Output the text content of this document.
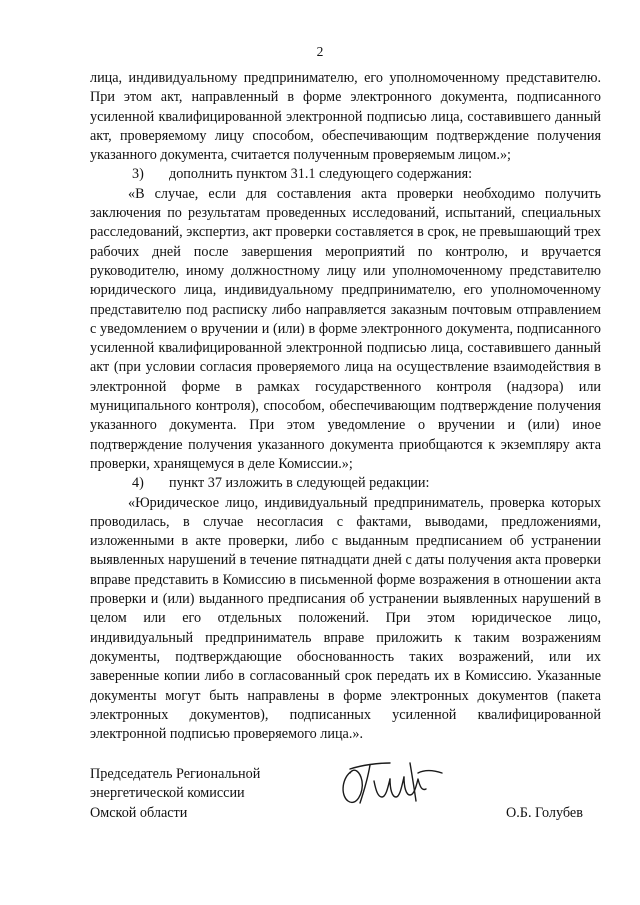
2

лица, индивидуальному предпринимателю, его уполномоченному представителю. При этом акт, направленный в форме электронного документа, подписанного усиленной квалифицированной электронной подписью лица, составившего данный акт, проверяемому лицу способом, обеспечивающим подтверждение получения указанного документа, считается полученным проверяемым лицом.»;

3) дополнить пунктом 31.1 следующего содержания:

«В случае, если для составления акта проверки необходимо получить заключения по результатам проведенных исследований, испытаний, специальных расследований, экспертиз, акт проверки составляется в срок, не превышающий трех рабочих дней после завершения мероприятий по контролю, и вручается руководителю, иному должностному лицу или уполномоченному представителю юридического лица, индивидуальному предпринимателю, его уполномоченному представителю под расписку либо направляется заказным почтовым отправлением с уведомлением о вручении и (или) в форме электронного документа, подписанного усиленной квалифицированной электронной подписью лица, составившего данный акт (при условии согласия проверяемого лица на осуществление взаимодействия в электронной форме в рамках государственного контроля (надзора) или муниципального контроля), способом, обеспечивающим подтверждение получения указанного документа. При этом уведомление о вручении и (или) иное подтверждение получения указанного документа приобщаются к экземпляру акта проверки, хранящемуся в деле Комиссии.»;

4) пункт 37 изложить в следующей редакции:

«Юридическое лицо, индивидуальный предприниматель, проверка которых проводилась, в случае несогласия с фактами, выводами, предложениями, изложенными в акте проверки, либо с выданным предписанием об устранении выявленных нарушений в течение пятнадцати дней с даты получения акта проверки вправе представить в Комиссию в письменной форме возражения в отношении акта проверки и (или) выданного предписания об устранении выявленных нарушений в целом или его отдельных положений. При этом юридическое лицо, индивидуальный предприниматель вправе приложить к таким возражениям документы, подтверждающие обоснованность таких возражений, или их заверенные копии либо в согласованный срок передать их в Комиссию. Указанные документы могут быть направлены в форме электронных документов (пакета электронных документов), подписанных усиленной квалифицированной электронной подписью проверяемого лица.».

Председатель Региональной
энергетической комиссии
Омской области	О.Б. Голубев
